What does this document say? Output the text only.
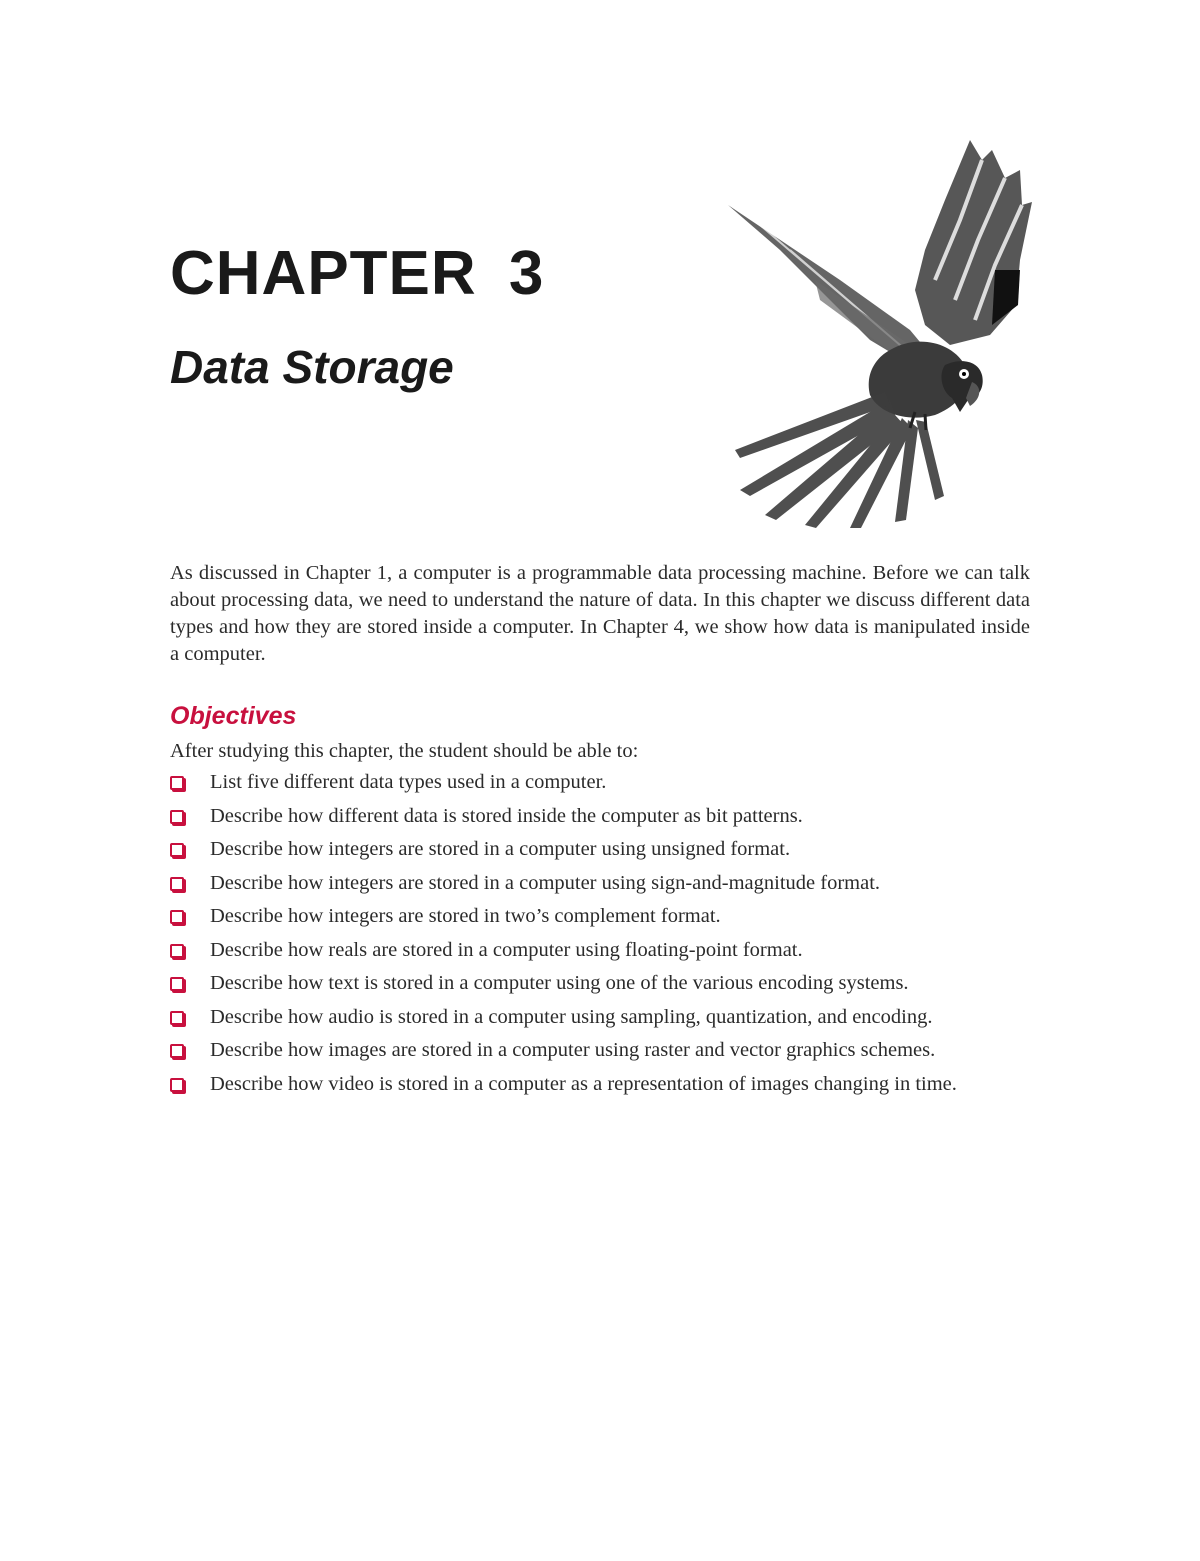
CHAPTER 3
Data Storage

As discussed in Chapter 1, a computer is a programmable data processing machine. Before we can talk about processing data, we need to understand the nature of data. In this chapter we discuss different data types and how they are stored inside a computer. In Chapter 4, we show how data is manipulated inside a computer.

Objectives

After studying this chapter, the student should be able to:

List five different data types used in a computer.
Describe how different data is stored inside the computer as bit patterns.
Describe how integers are stored in a computer using unsigned format.
Describe how integers are stored in a computer using sign-and-magnitude format.
Describe how integers are stored in two’s complement format.
Describe how reals are stored in a computer using floating-point format.
Describe how text is stored in a computer using one of the various encoding systems.
Describe how audio is stored in a computer using sampling, quantization, and encoding.
Describe how images are stored in a computer using raster and vector graphics schemes.
Describe how video is stored in a computer as a representation of images changing in time.
